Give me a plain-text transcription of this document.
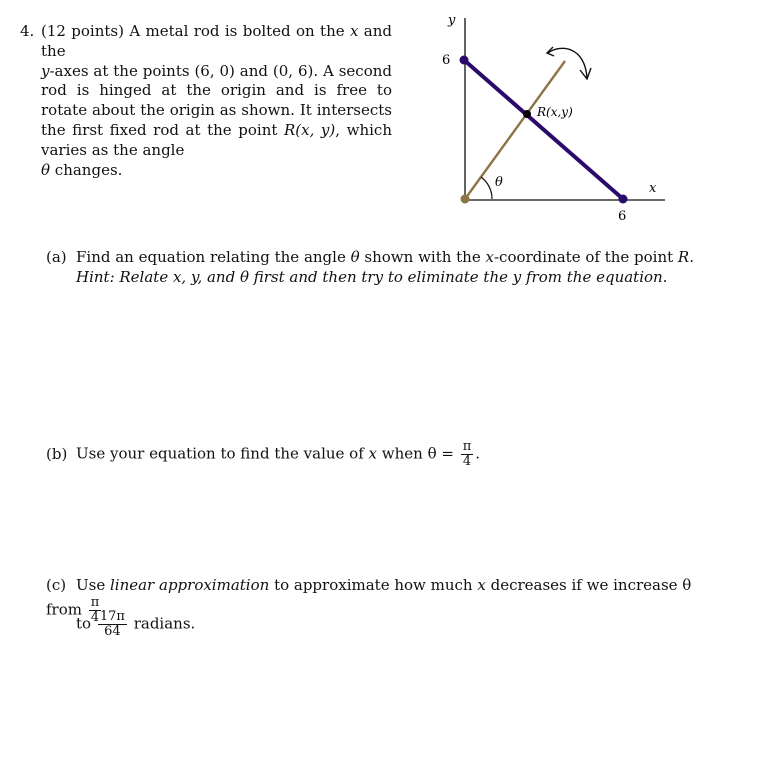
4. (12 points) A metal rod is bolted on the x and the
y-axes at the points (6, 0) and (0, 6). A second rod is hinged at the origin and is free to rotate about the origin as shown. It intersects the first fixed rod at the point R(x, y), which varies as the angle
θ changes.
y
x
6
6
R(x,y)
θ
(a) Find an equation relating the angle θ shown with the x-coordinate of the point R.
Hint: Relate x, y, and θ first and then try to eliminate the y from the equation.
(b) Use your equation to find the value of x when $\theta = \frac{\pi}{4}$ .
(c) Use linear approximation to approximate how much x decreases if we increase θ from $\frac{\pi}{4}$
to $\frac{17\pi}{64}$ radians.
